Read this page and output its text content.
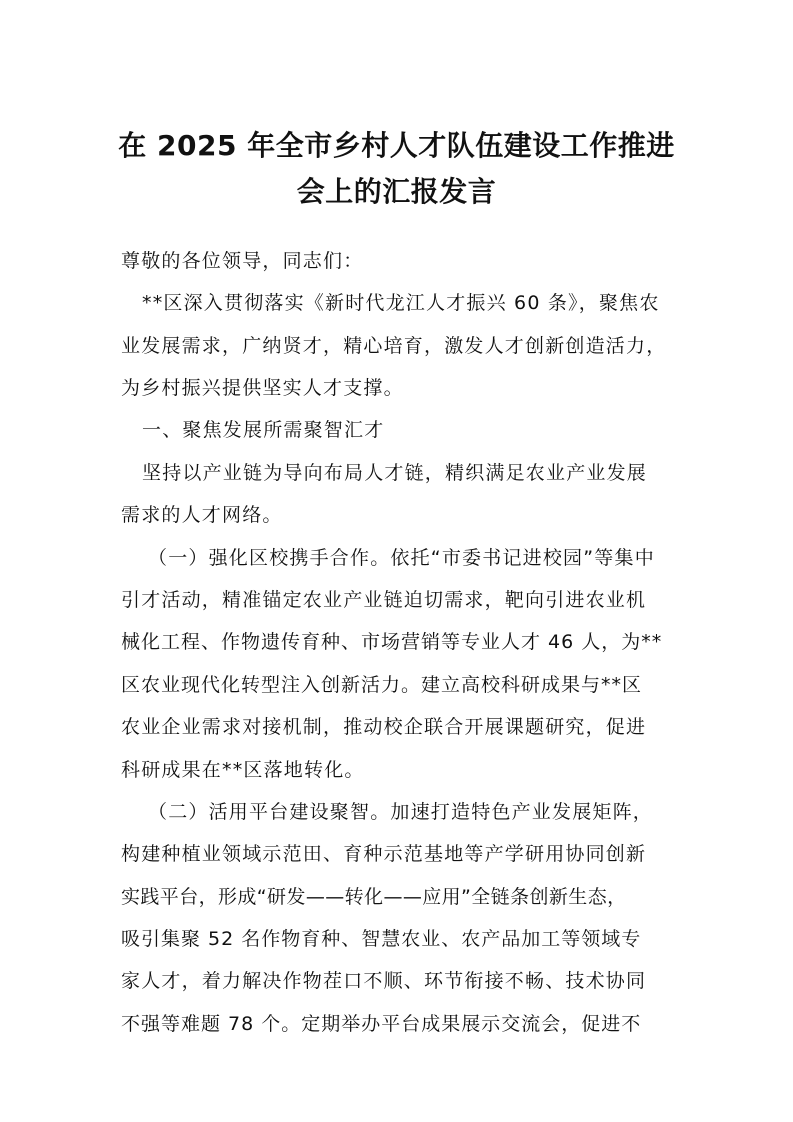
在 2025 年全市乡村人才队伍建设工作推进
会上的汇报发言
尊敬的各位领导，同志们：
**区深入贯彻落实《新时代龙江人才振兴 60 条》，聚焦农
业发展需求，广纳贤才，精心培育，激发人才创新创造活力，
为乡村振兴提供坚实人才支撑。
一、聚焦发展所需聚智汇才
坚持以产业链为导向布局人才链，精织满足农业产业发展
需求的人才网络。
（一）强化区校携手合作。依托“市委书记进校园”等集中
引才活动，精准锚定农业产业链迫切需求，靶向引进农业机
械化工程、作物遗传育种、市场营销等专业人才 46 人，为**
区农业现代化转型注入创新活力。建立高校科研成果与**区
农业企业需求对接机制，推动校企联合开展课题研究，促进
科研成果在**区落地转化。
（二）活用平台建设聚智。加速打造特色产业发展矩阵，
构建种植业领域示范田、育种示范基地等产学研用协同创新
实践平台，形成“研发——转化——应用”全链条创新生态，
吸引集聚 52 名作物育种、智慧农业、农产品加工等领域专
家人才，着力解决作物茬口不顺、环节衔接不畅、技术协同
不强等难题 78 个。定期举办平台成果展示交流会，促进不
